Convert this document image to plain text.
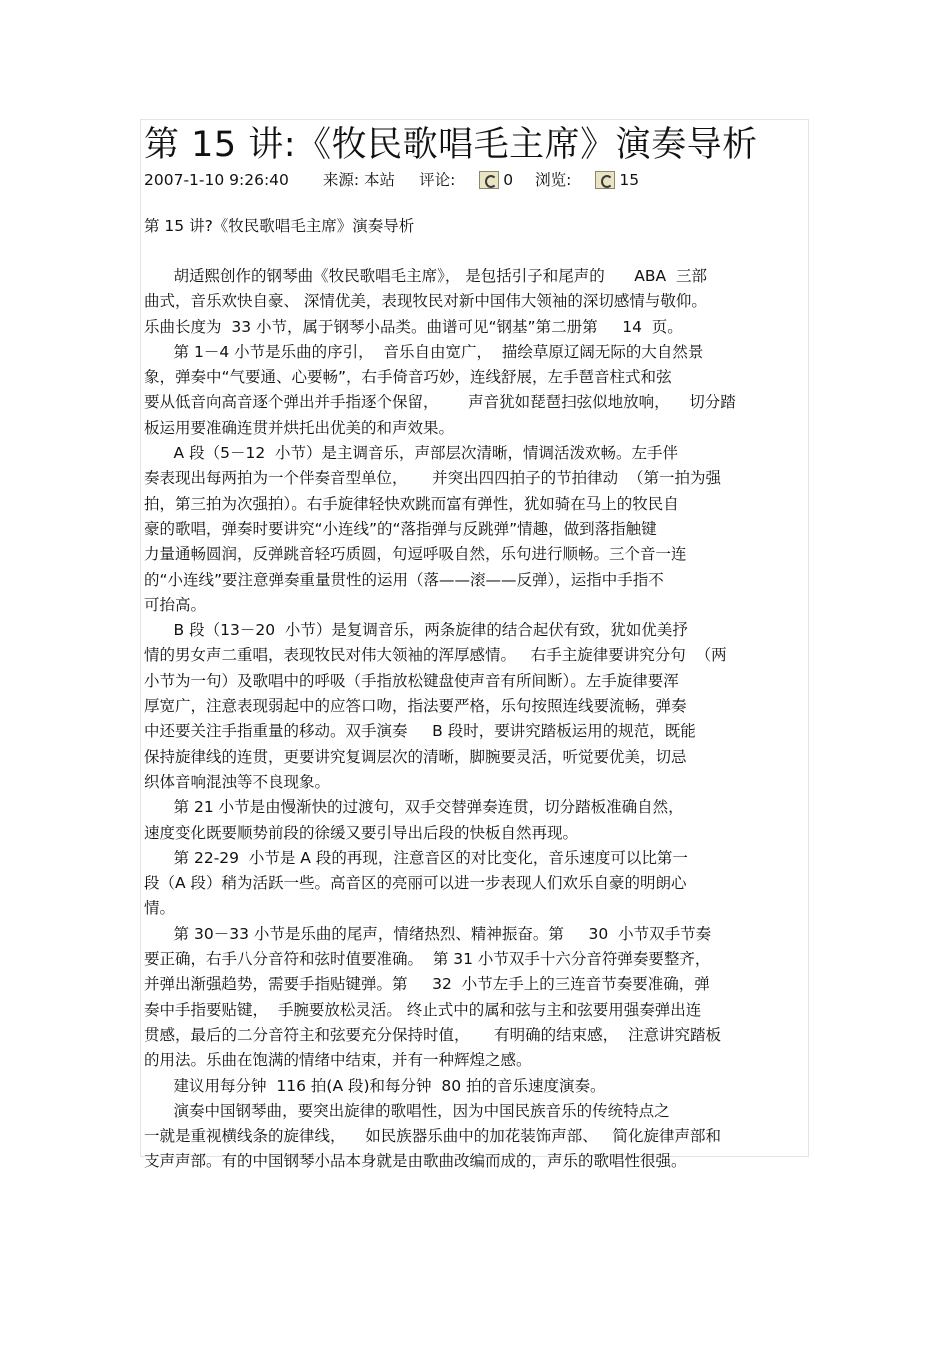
第 15 讲:《牧民歌唱毛主席》演奏导析
2007-1-10 9:26:40 来源: 本站 评论:	0 浏览:	15
第 15 讲?《牧民歌唱毛主席》演奏导析
胡适熙创作的钢琴曲《牧民歌唱毛主席》， 是包括引子和尾声的      ABA  三部
曲式，音乐欢快自豪、 深情优美，表现牧民对新中国伟大领袖的深切感情与敬仰。
乐曲长度为  33 小节，属于钢琴小品类。曲谱可见“钢基”第二册第     14  页。
第 1－4 小节是乐曲的序引，  音乐自由宽广，  描绘草原辽阔无际的大自然景
象，弹奏中“气要通、心要畅”，右手倚音巧妙，连线舒展，左手琶音柱式和弦
要从低音向高音逐个弹出并手指逐个保留，      声音犹如琵琶扫弦似地放响，    切分踏
板运用要准确连贯并烘托出优美的和声效果。
A 段（5－12  小节）是主调音乐，声部层次清晰，情调活泼欢畅。左手伴
奏表现出每两拍为一个伴奏音型单位，     并突出四四拍子的节拍律动  （第一拍为强
拍，第三拍为次强拍）。右手旋律轻快欢跳而富有弹性，犹如骑在马上的牧民自
豪的歌唱，弹奏时要讲究“小连线”的“落指弹与反跳弹”情趣，做到落指触键
力量通畅圆润，反弹跳音轻巧质圆，句逗呼吸自然，乐句进行顺畅。三个音一连
的“小连线”要注意弹奏重量贯性的运用（落——滚——反弹），运指中手指不
可抬高。
B 段（13－20  小节）是复调音乐，两条旋律的结合起伏有致，犹如优美抒
情的男女声二重唱，表现牧民对伟大领袖的浑厚感情。   右手主旋律要讲究分句  （两
小节为一句）及歌唱中的呼吸（手指放松键盘使声音有所间断）。左手旋律要浑
厚宽广，注意表现弱起中的应答口吻，指法要严格，乐句按照连线要流畅，弹奏
中还要关注手指重量的移动。双手演奏     B 段时，要讲究踏板运用的规范，既能
保持旋律线的连贯，更要讲究复调层次的清晰，脚腕要灵活，听觉要优美，切忌
织体音响混浊等不良现象。
第 21 小节是由慢渐快的过渡句，双手交替弹奏连贯，切分踏板准确自然，
速度变化既要顺势前段的徐缓又要引导出后段的快板自然再现。
第 22-29  小节是 A 段的再现，注意音区的对比变化，音乐速度可以比第一
段（A 段）稍为活跃一些。高音区的亮丽可以进一步表现人们欢乐自豪的明朗心
情。
第 30－33 小节是乐曲的尾声，情绪热烈、精神振奋。第     30  小节双手节奏
要正确，右手八分音符和弦时值要准确。  第 31 小节双手十六分音符弹奏要整齐，
并弹出渐强趋势，需要手指贴键弹。第     32  小节左手上的三连音节奏要准确，弹
奏中手指要贴键，  手腕要放松灵活。 终止式中的属和弦与主和弦要用强奏弹出连
贯感，最后的二分音符主和弦要充分保持时值，     有明确的结束感，  注意讲究踏板
的用法。乐曲在饱满的情绪中结束，并有一种辉煌之感。
建议用每分钟  116 拍(A 段)和每分钟  80 拍的音乐速度演奏。
演奏中国钢琴曲，要突出旋律的歌唱性，因为中国民族音乐的传统特点之
一就是重视横线条的旋律线，    如民族器乐曲中的加花装饰声部、   简化旋律声部和
支声声部。有的中国钢琴小品本身就是由歌曲改编而成的，声乐的歌唱性很强。
